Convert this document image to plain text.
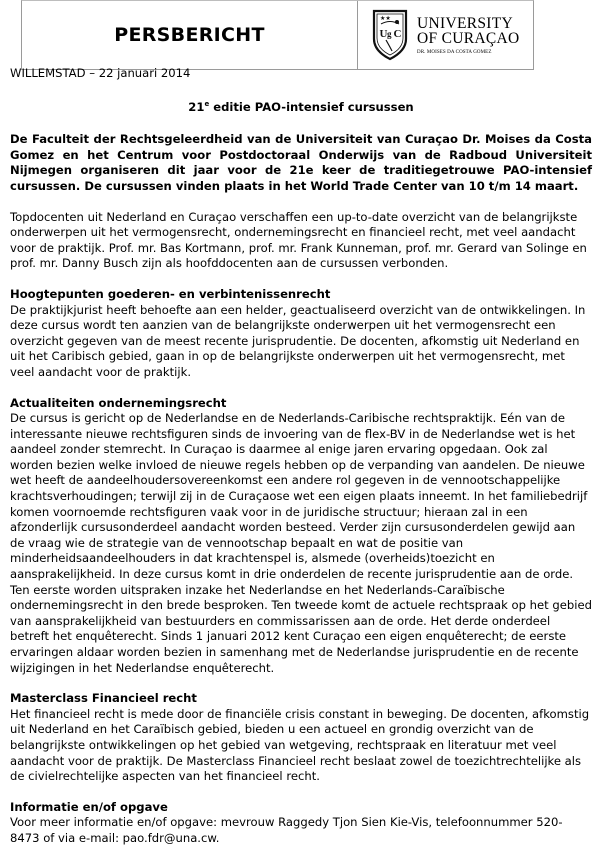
PERSBERICHT
★★
U g C
UNIVERSITY
OF CURAÇAO
DR. MOISES DA COSTA GOMEZ

WILLEMSTAD – 22 januari 2014

21e editie PAO-intensief cursussen

De Faculteit der Rechtsgeleerdheid van de Universiteit van Curaçao Dr. Moises da Costa Gomez en het Centrum voor Postdoctoraal Onderwijs van de Radboud Universiteit Nijmegen organiseren dit jaar voor de 21e keer de traditiegetrouwe PAO-intensief cursussen. De cursussen vinden plaats in het World Trade Center van 10 t/m 14 maart.

Topdocenten uit Nederland en Curaçao verschaffen een up-to-date overzicht van de belangrijkste onderwerpen uit het vermogensrecht, ondernemingsrecht en financieel recht, met veel aandacht voor de praktijk. Prof. mr. Bas Kortmann, prof. mr. Frank Kunneman, prof. mr. Gerard van Solinge en prof. mr. Danny Busch zijn als hoofddocenten aan de cursussen verbonden.

Hoogtepunten goederen- en verbintenissenrecht
De praktijkjurist heeft behoefte aan een helder, geactualiseerd overzicht van de ontwikkelingen. In deze cursus wordt ten aanzien van de belangrijkste onderwerpen uit het vermogensrecht een overzicht gegeven van de meest recente jurisprudentie. De docenten, afkomstig uit Nederland en uit het Caribisch gebied, gaan in op de belangrijkste onderwerpen uit het vermogensrecht, met veel aandacht voor de praktijk.

Actualiteiten ondernemingsrecht
De cursus is gericht op de Nederlandse en de Nederlands-Caribische rechtspraktijk. Eén van de interessante nieuwe rechtsfiguren sinds de invoering van de flex-BV in de Nederlandse wet is het aandeel zonder stemrecht. In Curaçao is daarmee al enige jaren ervaring opgedaan. Ook zal worden bezien welke invloed de nieuwe regels hebben op de verpanding van aandelen. De nieuwe wet heeft de aandeelhoudersovereenkomst een andere rol gegeven in de vennootschappelijke krachtsverhoudingen; terwijl zij in de Curaçaose wet een eigen plaats inneemt. In het familiebedrijf komen voornoemde rechtsfiguren vaak voor in de juridische structuur; hieraan zal in een afzonderlijk cursusonderdeel aandacht worden besteed. Verder zijn cursusonderdelen gewijd aan de vraag wie de strategie van de vennootschap bepaalt en wat de positie van minderheidsaandeelhouders in dat krachtenspel is, alsmede (overheids)toezicht en aansprakelijkheid. In deze cursus komt in drie onderdelen de recente jurisprudentie aan de orde. Ten eerste worden uitspraken inzake het Nederlandse en het Nederlands-Caraïbische ondernemingsrecht in den brede besproken. Ten tweede komt de actuele rechtspraak op het gebied van aansprakelijkheid van bestuurders en commissarissen aan de orde. Het derde onderdeel betreft het enquêterecht. Sinds 1 januari 2012 kent Curaçao een eigen enquêterecht; de eerste ervaringen aldaar worden bezien in samenhang met de Nederlandse jurisprudentie en de recente wijzigingen in het Nederlandse enquêterecht.

Masterclass Financieel recht
Het financieel recht is mede door de financiële crisis constant in beweging. De docenten, afkomstig uit Nederland en het Caraïbisch gebied, bieden u een actueel en grondig overzicht van de belangrijkste ontwikkelingen op het gebied van wetgeving, rechtspraak en literatuur met veel aandacht voor de praktijk. De Masterclass Financieel recht beslaat zowel de toezichtrechtelijke als de civielrechtelijke aspecten van het financieel recht.

Informatie en/of opgave
Voor meer informatie en/of opgave: mevrouw Raggedy Tjon Sien Kie-Vis, telefoonnummer 520-8473 of via e-mail: pao.fdr@una.cw.
